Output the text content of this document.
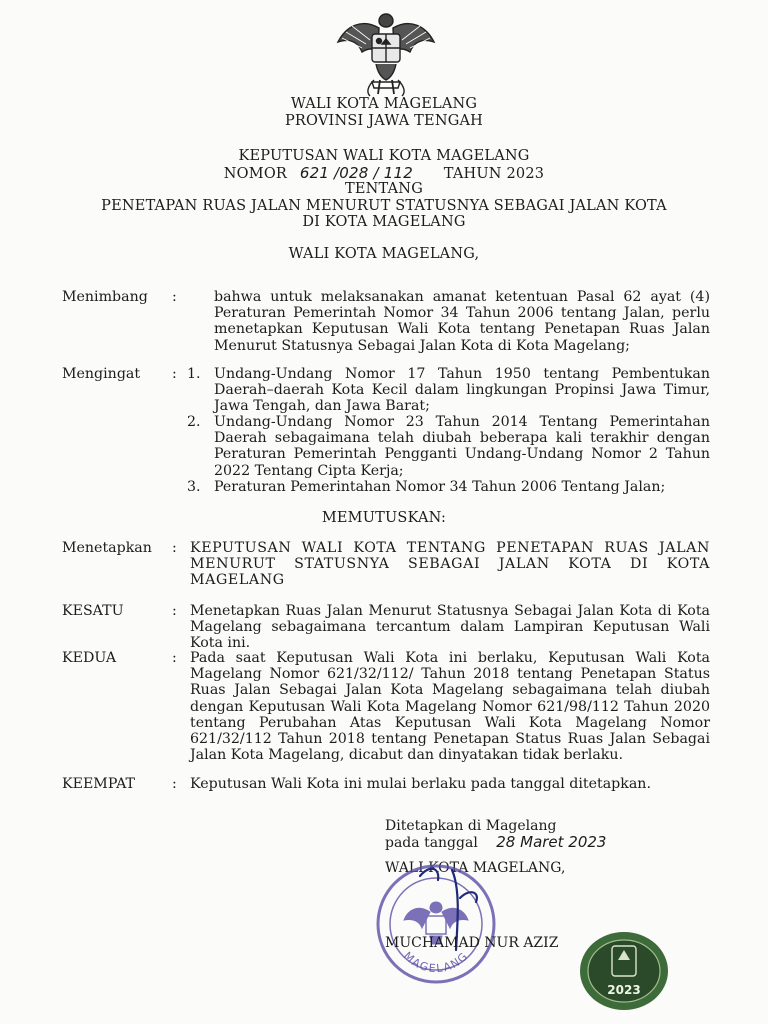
WALI KOTA MAGELANG
PROVINSI JAWA TENGAH
KEPUTUSAN WALI KOTA MAGELANG
NOMOR 621 /028 / 112 TAHUN 2023
TENTANG
PENETAPAN RUAS JALAN MENURUT STATUSNYA SEBAGAI JALAN KOTA
DI KOTA MAGELANG
WALI KOTA MAGELANG,
Menimbang :	bahwa untuk melaksanakan amanat ketentuan Pasal 62 ayat (4) Peraturan Pemerintah Nomor 34 Tahun 2006 tentang Jalan, perlu menetapkan Keputusan Wali Kota tentang Penetapan Ruas Jalan Menurut Statusnya Sebagai Jalan Kota di Kota Magelang;
Mengingat : 1. Undang-Undang Nomor 17 Tahun 1950 tentang Pembentukan Daerah–daerah Kota Kecil dalam lingkungan Propinsi Jawa Timur, Jawa Tengah, dan Jawa Barat;
2. Undang-Undang Nomor 23 Tahun 2014 Tentang Pemerintahan Daerah sebagaimana telah diubah beberapa kali terakhir dengan Peraturan Pemerintah Pengganti Undang-Undang Nomor 2 Tahun 2022 Tentang Cipta Kerja;
3. Peraturan Pemerintahan Nomor 34 Tahun 2006 Tentang Jalan;
MEMUTUSKAN:
Menetapkan : KEPUTUSAN WALI KOTA TENTANG PENETAPAN RUAS JALAN MENURUT STATUSNYA SEBAGAI JALAN KOTA DI KOTA MAGELANG
KESATU	: Menetapkan Ruas Jalan Menurut Statusnya Sebagai Jalan Kota di Kota Magelang sebagaimana tercantum dalam Lampiran Keputusan Wali Kota ini.
KEDUA	: Pada saat Keputusan Wali Kota ini berlaku, Keputusan Wali Kota Magelang Nomor 621/32/112/ Tahun 2018 tentang Penetapan Status Ruas Jalan Sebagai Jalan Kota Magelang sebagaimana telah diubah dengan Keputusan Wali Kota Magelang Nomor 621/98/112 Tahun 2020 tentang Perubahan Atas Keputusan Wali Kota Magelang Nomor 621/32/112 Tahun 2018 tentang Penetapan Status Ruas Jalan Sebagai Jalan Kota Magelang, dicabut dan dinyatakan tidak berlaku.
KEEMPAT	: Keputusan Wali Kota ini mulai berlaku pada tanggal ditetapkan.
Ditetapkan di Magelang
pada tanggal 28 Maret 2023
WALI KOTA MAGELANG,
MAGELANG
MUCHAMAD NUR AZIZ
2023
